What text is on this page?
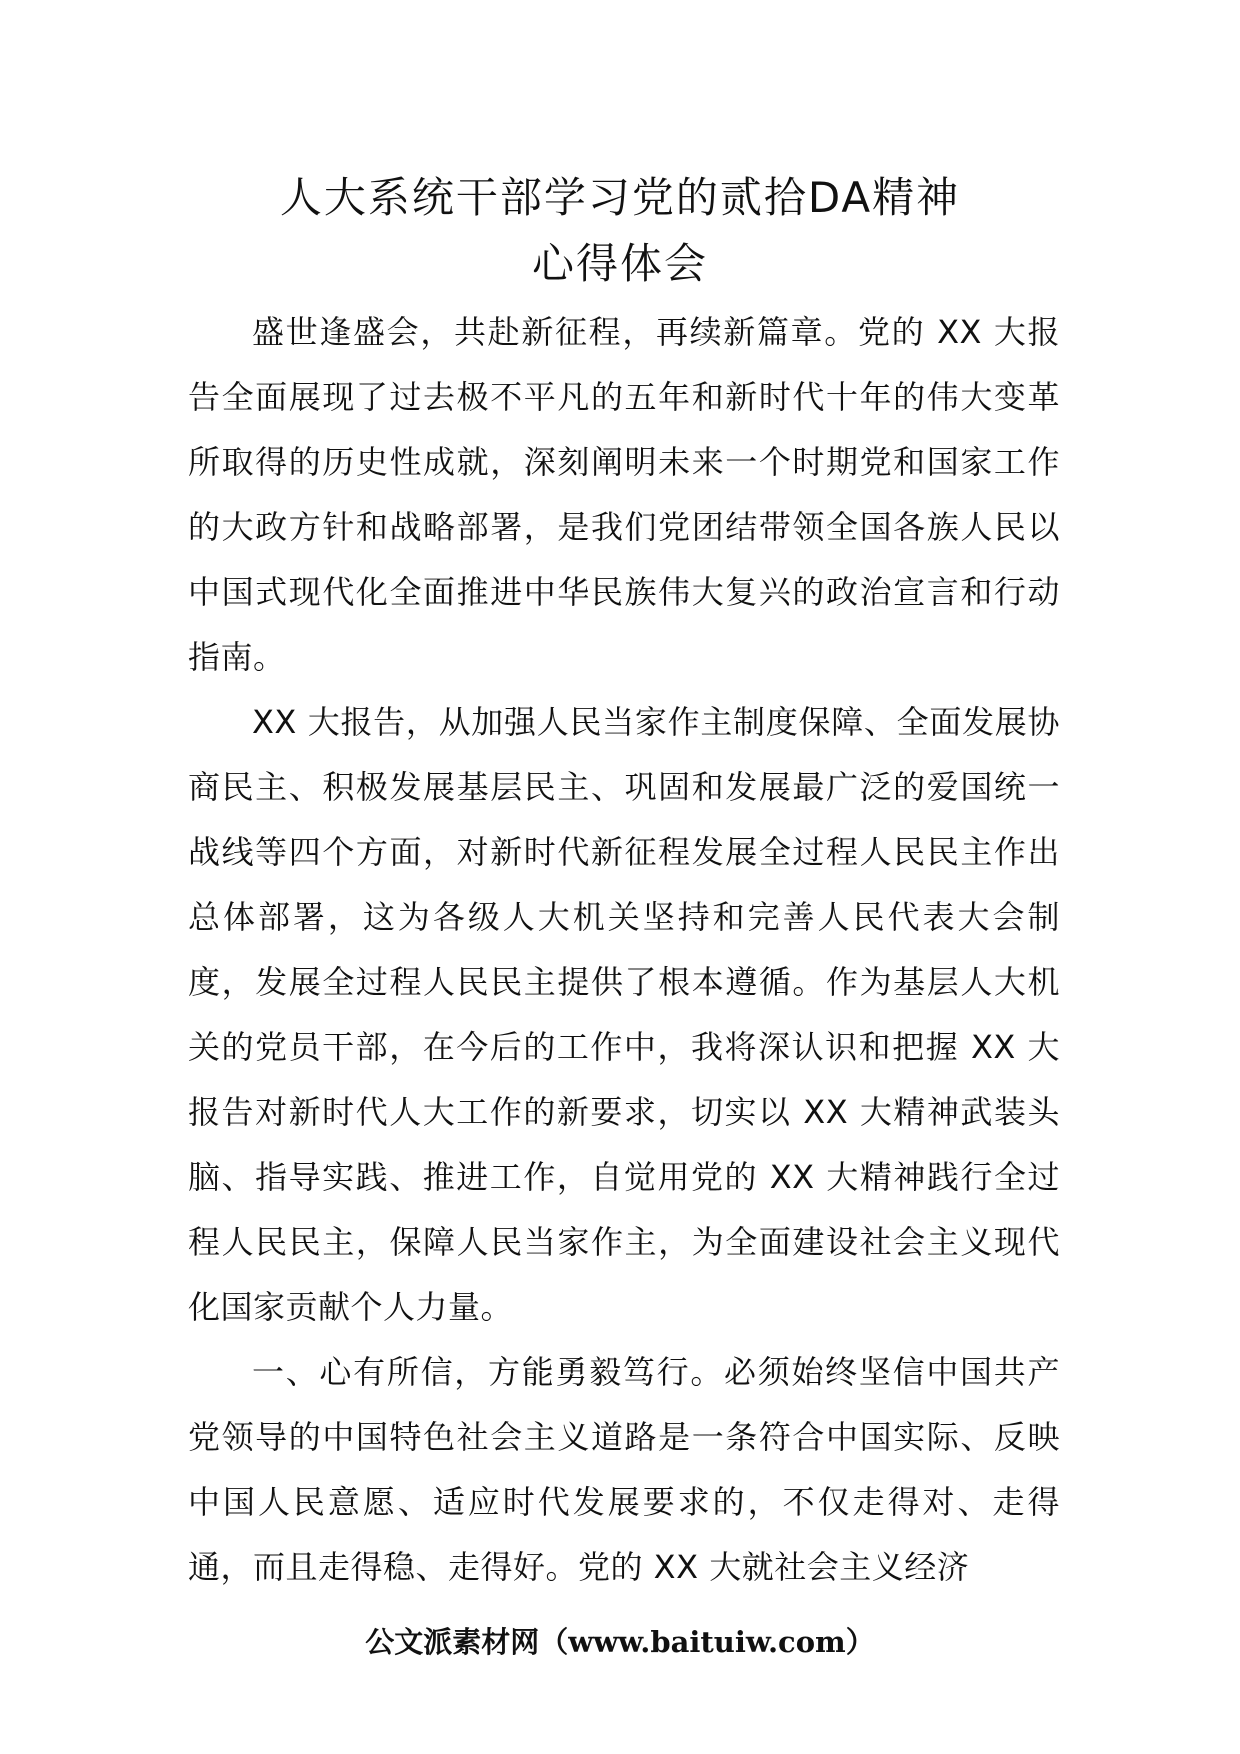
人大系统干部学习党的贰拾DA精神
心得体会

盛世逢盛会，共赴新征程，再续新篇章。党的 XX 大报告全面展现了过去极不平凡的五年和新时代十年的伟大变革所取得的历史性成就，深刻阐明未来一个时期党和国家工作的大政方针和战略部署，是我们党团结带领全国各族人民以中国式现代化全面推进中华民族伟大复兴的政治宣言和行动指南。

XX 大报告，从加强人民当家作主制度保障、全面发展协商民主、积极发展基层民主、巩固和发展最广泛的爱国统一战线等四个方面，对新时代新征程发展全过程人民民主作出总体部署，这为各级人大机关坚持和完善人民代表大会制度，发展全过程人民民主提供了根本遵循。作为基层人大机关的党员干部，在今后的工作中，我将深认识和把握 XX 大报告对新时代人大工作的新要求，切实以 XX 大精神武装头脑、指导实践、推进工作，自觉用党的 XX 大精神践行全过程人民民主，保障人民当家作主，为全面建设社会主义现代化国家贡献个人力量。

一、心有所信，方能勇毅笃行。必须始终坚信中国共产党领导的中国特色社会主义道路是一条符合中国实际、反映中国人民意愿、适应时代发展要求的，不仅走得对、走得通，而且走得稳、走得好。党的 XX 大就社会主义经济

公文派素材网（www.baituiw.com）
